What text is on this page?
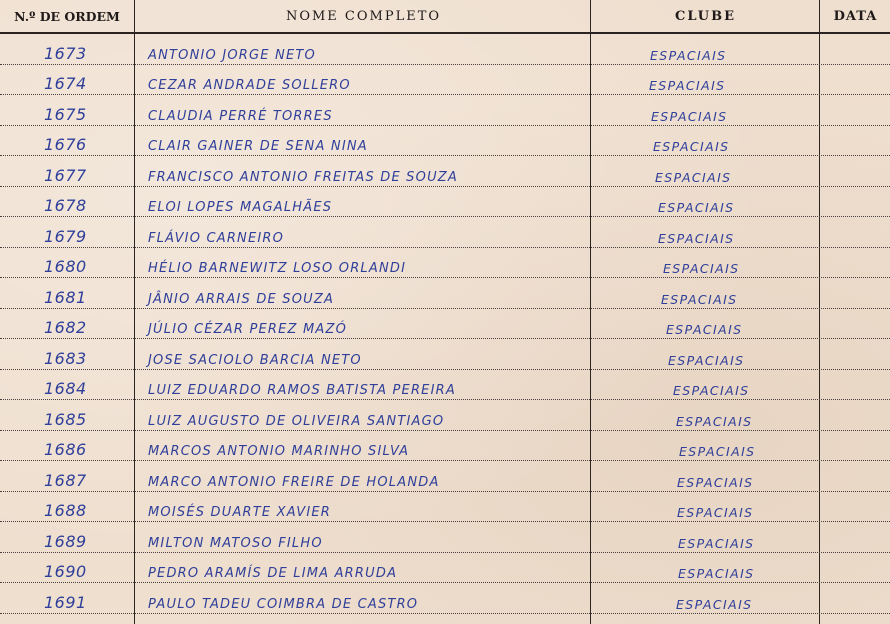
N.º DE ORDEM	NOME COMPLETO	CLUBE	DATA
1673	ANTONIO JORGE NETO	ESPACIAIS
1674	CEZAR ANDRADE SOLLERO	ESPACIAIS
1675	CLAUDIA PERRÉ TORRES	ESPACIAIS
1676	CLAIR GAINER DE SENA NINA	ESPACIAIS
1677	FRANCISCO ANTONIO FREITAS DE SOUZA	ESPACIAIS
1678	ELOI LOPES MAGALHÃES	ESPACIAIS
1679	FLÁVIO CARNEIRO	ESPACIAIS
1680	HÉLIO BARNEWITZ LOSO ORLANDI	ESPACIAIS
1681	JÂNIO ARRAIS DE SOUZA	ESPACIAIS
1682	JÚLIO CÉZAR PEREZ MAZÓ	ESPACIAIS
1683	JOSE SACIOLO BARCIA NETO	ESPACIAIS
1684	LUIZ EDUARDO RAMOS BATISTA PEREIRA	ESPACIAIS
1685	LUIZ AUGUSTO DE OLIVEIRA SANTIAGO	ESPACIAIS
1686	MARCOS ANTONIO MARINHO SILVA	ESPACIAIS
1687	MARCO ANTONIO FREIRE DE HOLANDA	ESPACIAIS
1688	MOISÉS DUARTE XAVIER	ESPACIAIS
1689	MILTON MATOSO FILHO	ESPACIAIS
1690	PEDRO ARAMÍS DE LIMA ARRUDA	ESPACIAIS
1691	PAULO TADEU COIMBRA DE CASTRO	ESPACIAIS
